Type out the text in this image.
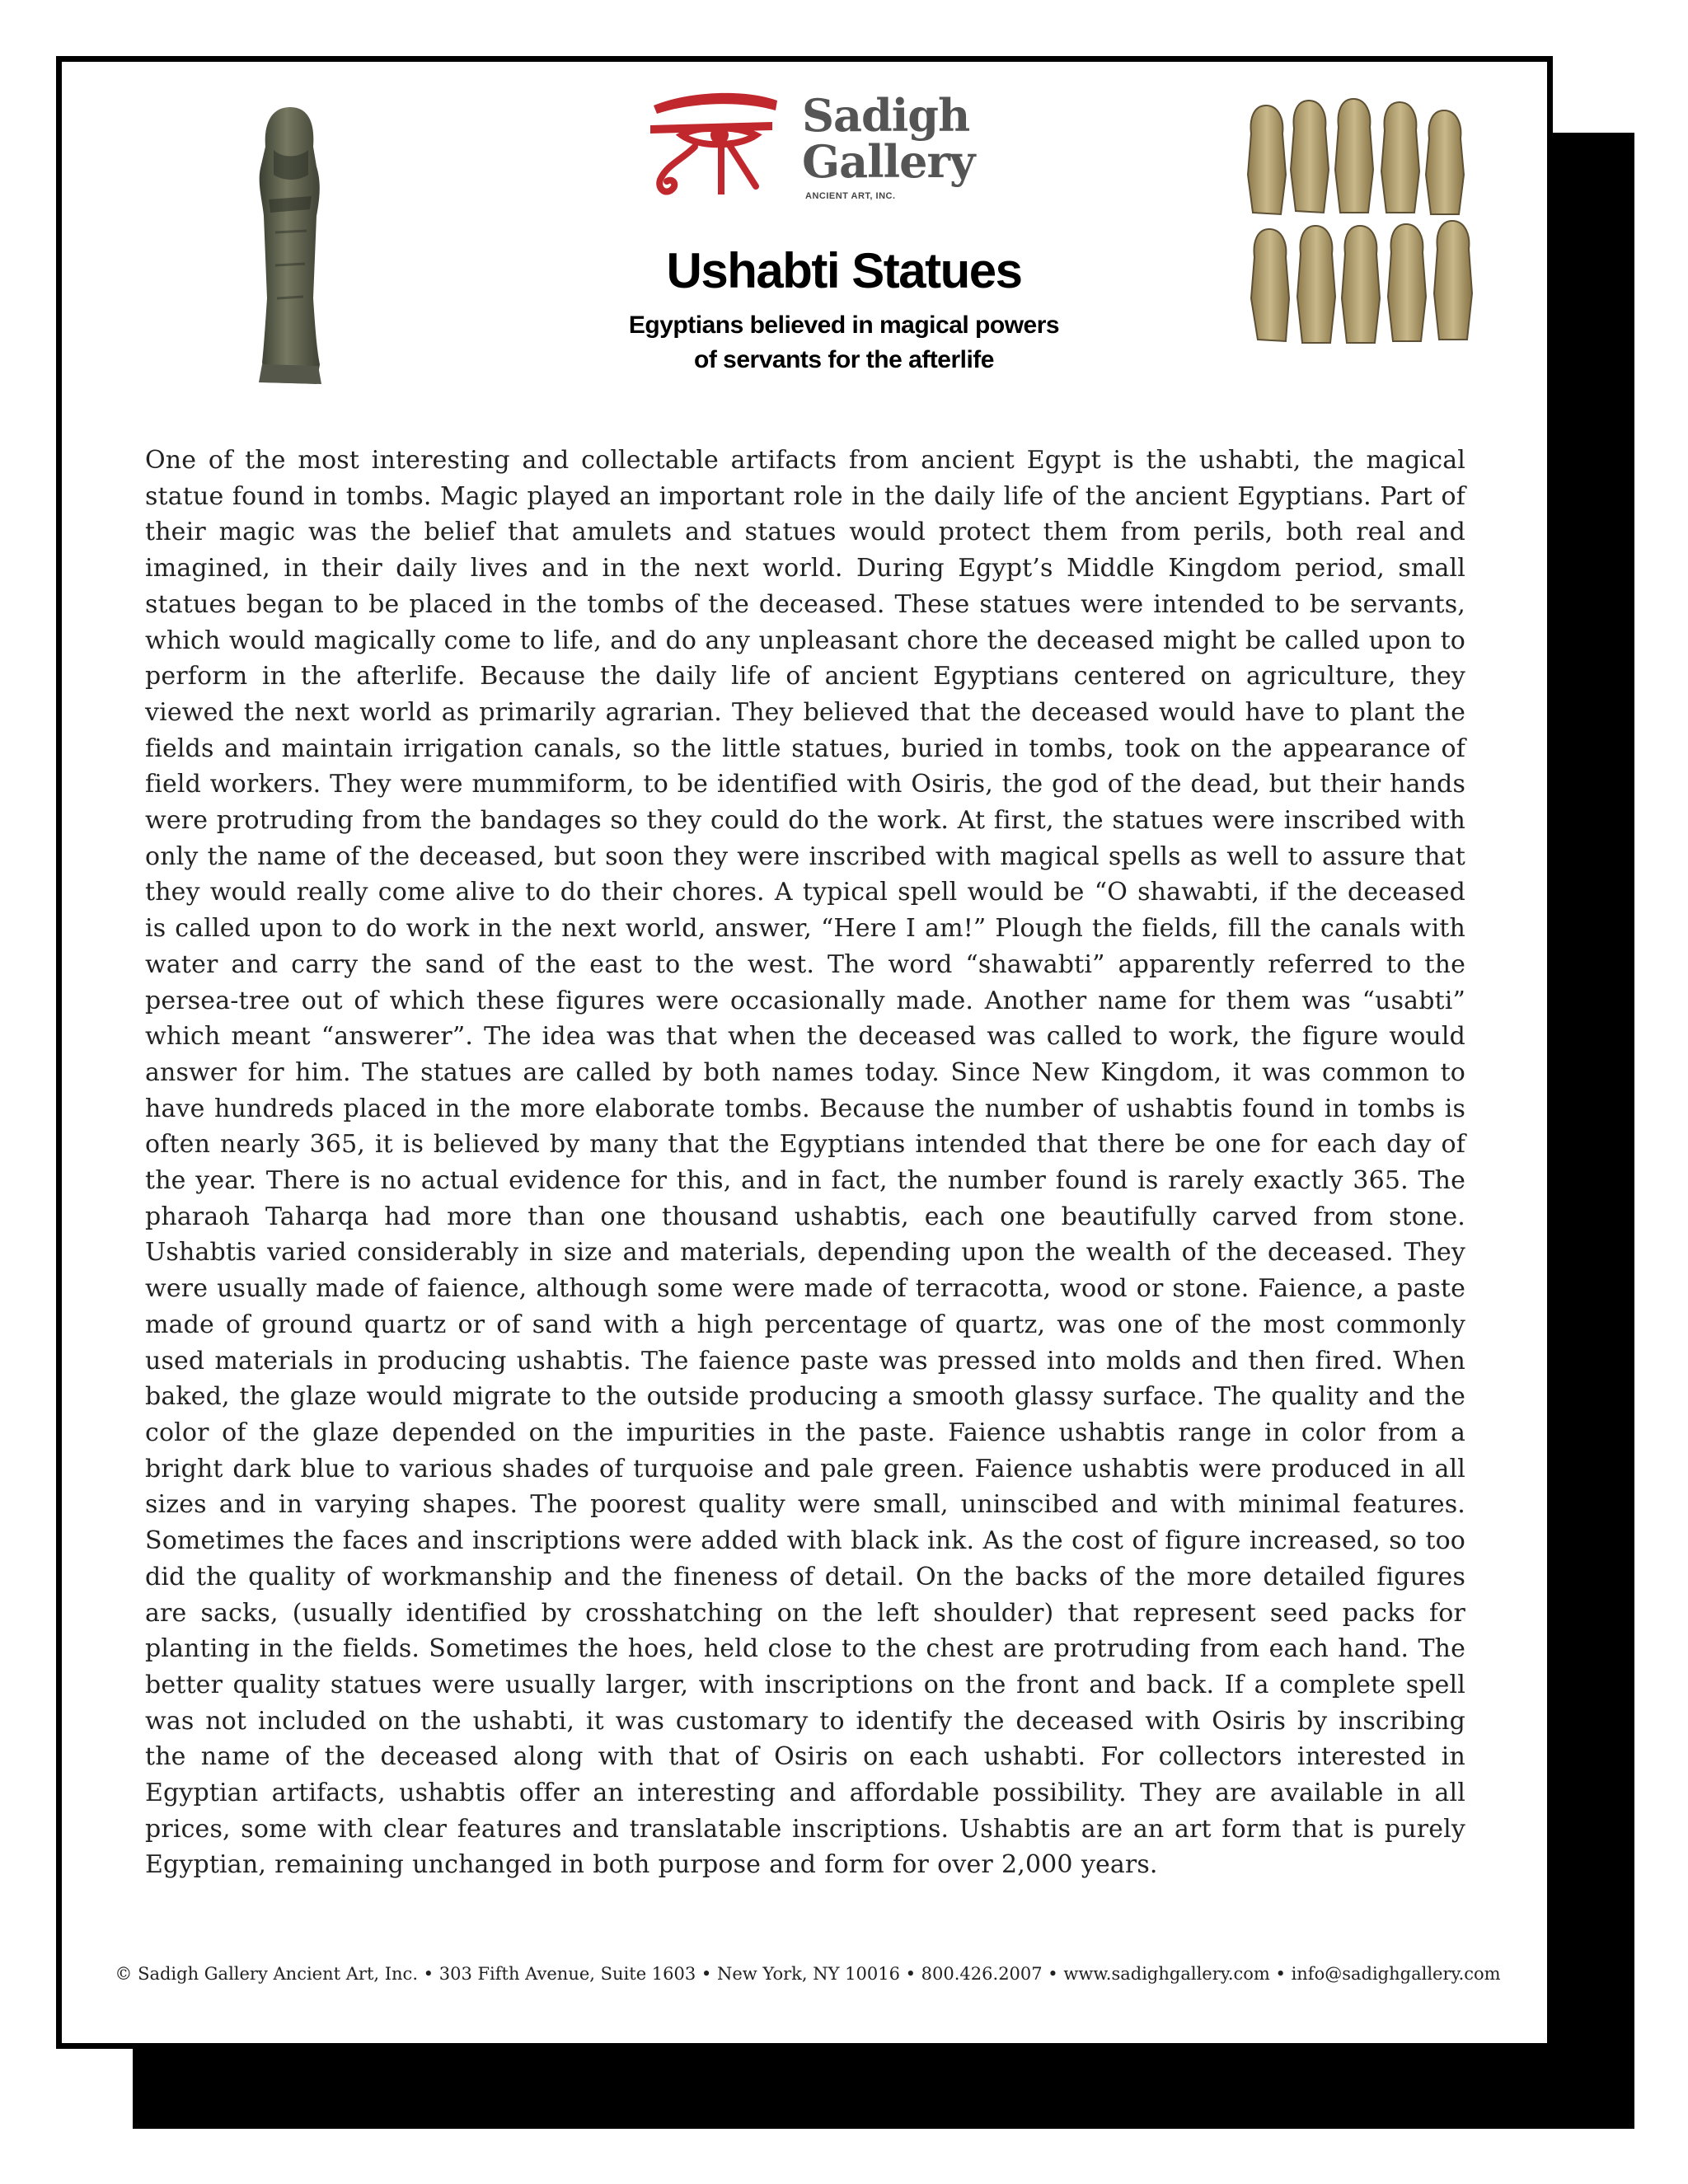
Sadigh
Gallery
ANCIENT ART, INC.
Ushabti Statues
Egyptians believed in magical powers
of servants for the afterlife

One of the most interesting and collectable artifacts from ancient Egypt is the ushabti, the magical statue found in tombs. Magic played an important role in the daily life of the ancient Egyptians. Part of their magic was the belief that amulets and statues would protect them from perils, both real and imagined, in their daily lives and in the next world. During Egypt’s Middle Kingdom period, small statues began to be placed in the tombs of the deceased. These statues were intended to be servants, which would magically come to life, and do any unpleasant chore the deceased might be called upon to perform in the afterlife. Because the daily life of ancient Egyptians centered on agriculture, they viewed the next world as primarily agrarian. They believed that the deceased would have to plant the fields and maintain irrigation canals, so the little statues, buried in tombs, took on the appearance of field workers. They were mummiform, to be identified with Osiris, the god of the dead, but their hands were protruding from the bandages so they could do the work. At first, the statues were inscribed with only the name of the deceased, but soon they were inscribed with magical spells as well to assure that they would really come alive to do their chores. A typical spell would be “O shawabti, if the deceased is called upon to do work in the next world, answer, “Here I am!” Plough the fields, fill the canals with water and carry the sand of the east to the west. The word “shawabti” apparently referred to the persea-tree out of which these figures were occasionally made. Another name for them was “usabti” which meant “answerer”. The idea was that when the deceased was called to work, the figure would answer for him. The statues are called by both names today. Since New Kingdom, it was common to have hundreds placed in the more elaborate tombs. Because the number of ushabtis found in tombs is often nearly 365, it is believed by many that the Egyptians intended that there be one for each day of the year. There is no actual evidence for this, and in fact, the number found is rarely exactly 365. The pharaoh Taharqa had more than one thousand ushabtis, each one beautifully carved from stone. Ushabtis varied considerably in size and materials, depending upon the wealth of the deceased. They were usually made of faience, although some were made of terracotta, wood or stone. Faience, a paste made of ground quartz or of sand with a high percentage of quartz, was one of the most commonly used materials in producing ushabtis. The faience paste was pressed into molds and then fired. When baked, the glaze would migrate to the outside producing a smooth glassy surface. The quality and the color of the glaze depended on the impurities in the paste. Faience ushabtis range in color from a bright dark blue to various shades of turquoise and pale green. Faience ushabtis were produced in all sizes and in varying shapes. The poorest quality were small, uninscibed and with minimal features. Sometimes the faces and inscriptions were added with black ink. As the cost of figure increased, so too did the quality of workmanship and the fineness of detail. On the backs of the more detailed figures are sacks, (usually identified by crosshatching on the left shoulder) that represent seed packs for planting in the fields. Sometimes the hoes, held close to the chest are protruding from each hand. The better quality statues were usually larger, with inscriptions on the front and back. If a complete spell was not included on the ushabti, it was customary to identify the deceased with Osiris by inscribing the name of the deceased along with that of Osiris on each ushabti. For collectors interested in Egyptian artifacts, ushabtis offer an interesting and affordable possibility. They are available in all prices, some with clear features and translatable inscriptions. Ushabtis are an art form that is purely Egyptian, remaining unchanged in both purpose and form for over 2,000 years.

© Sadigh Gallery Ancient Art, Inc. • 303 Fifth Avenue, Suite 1603 • New York, NY 10016 • 800.426.2007 • www.sadighgallery.com • info@sadighgallery.com
